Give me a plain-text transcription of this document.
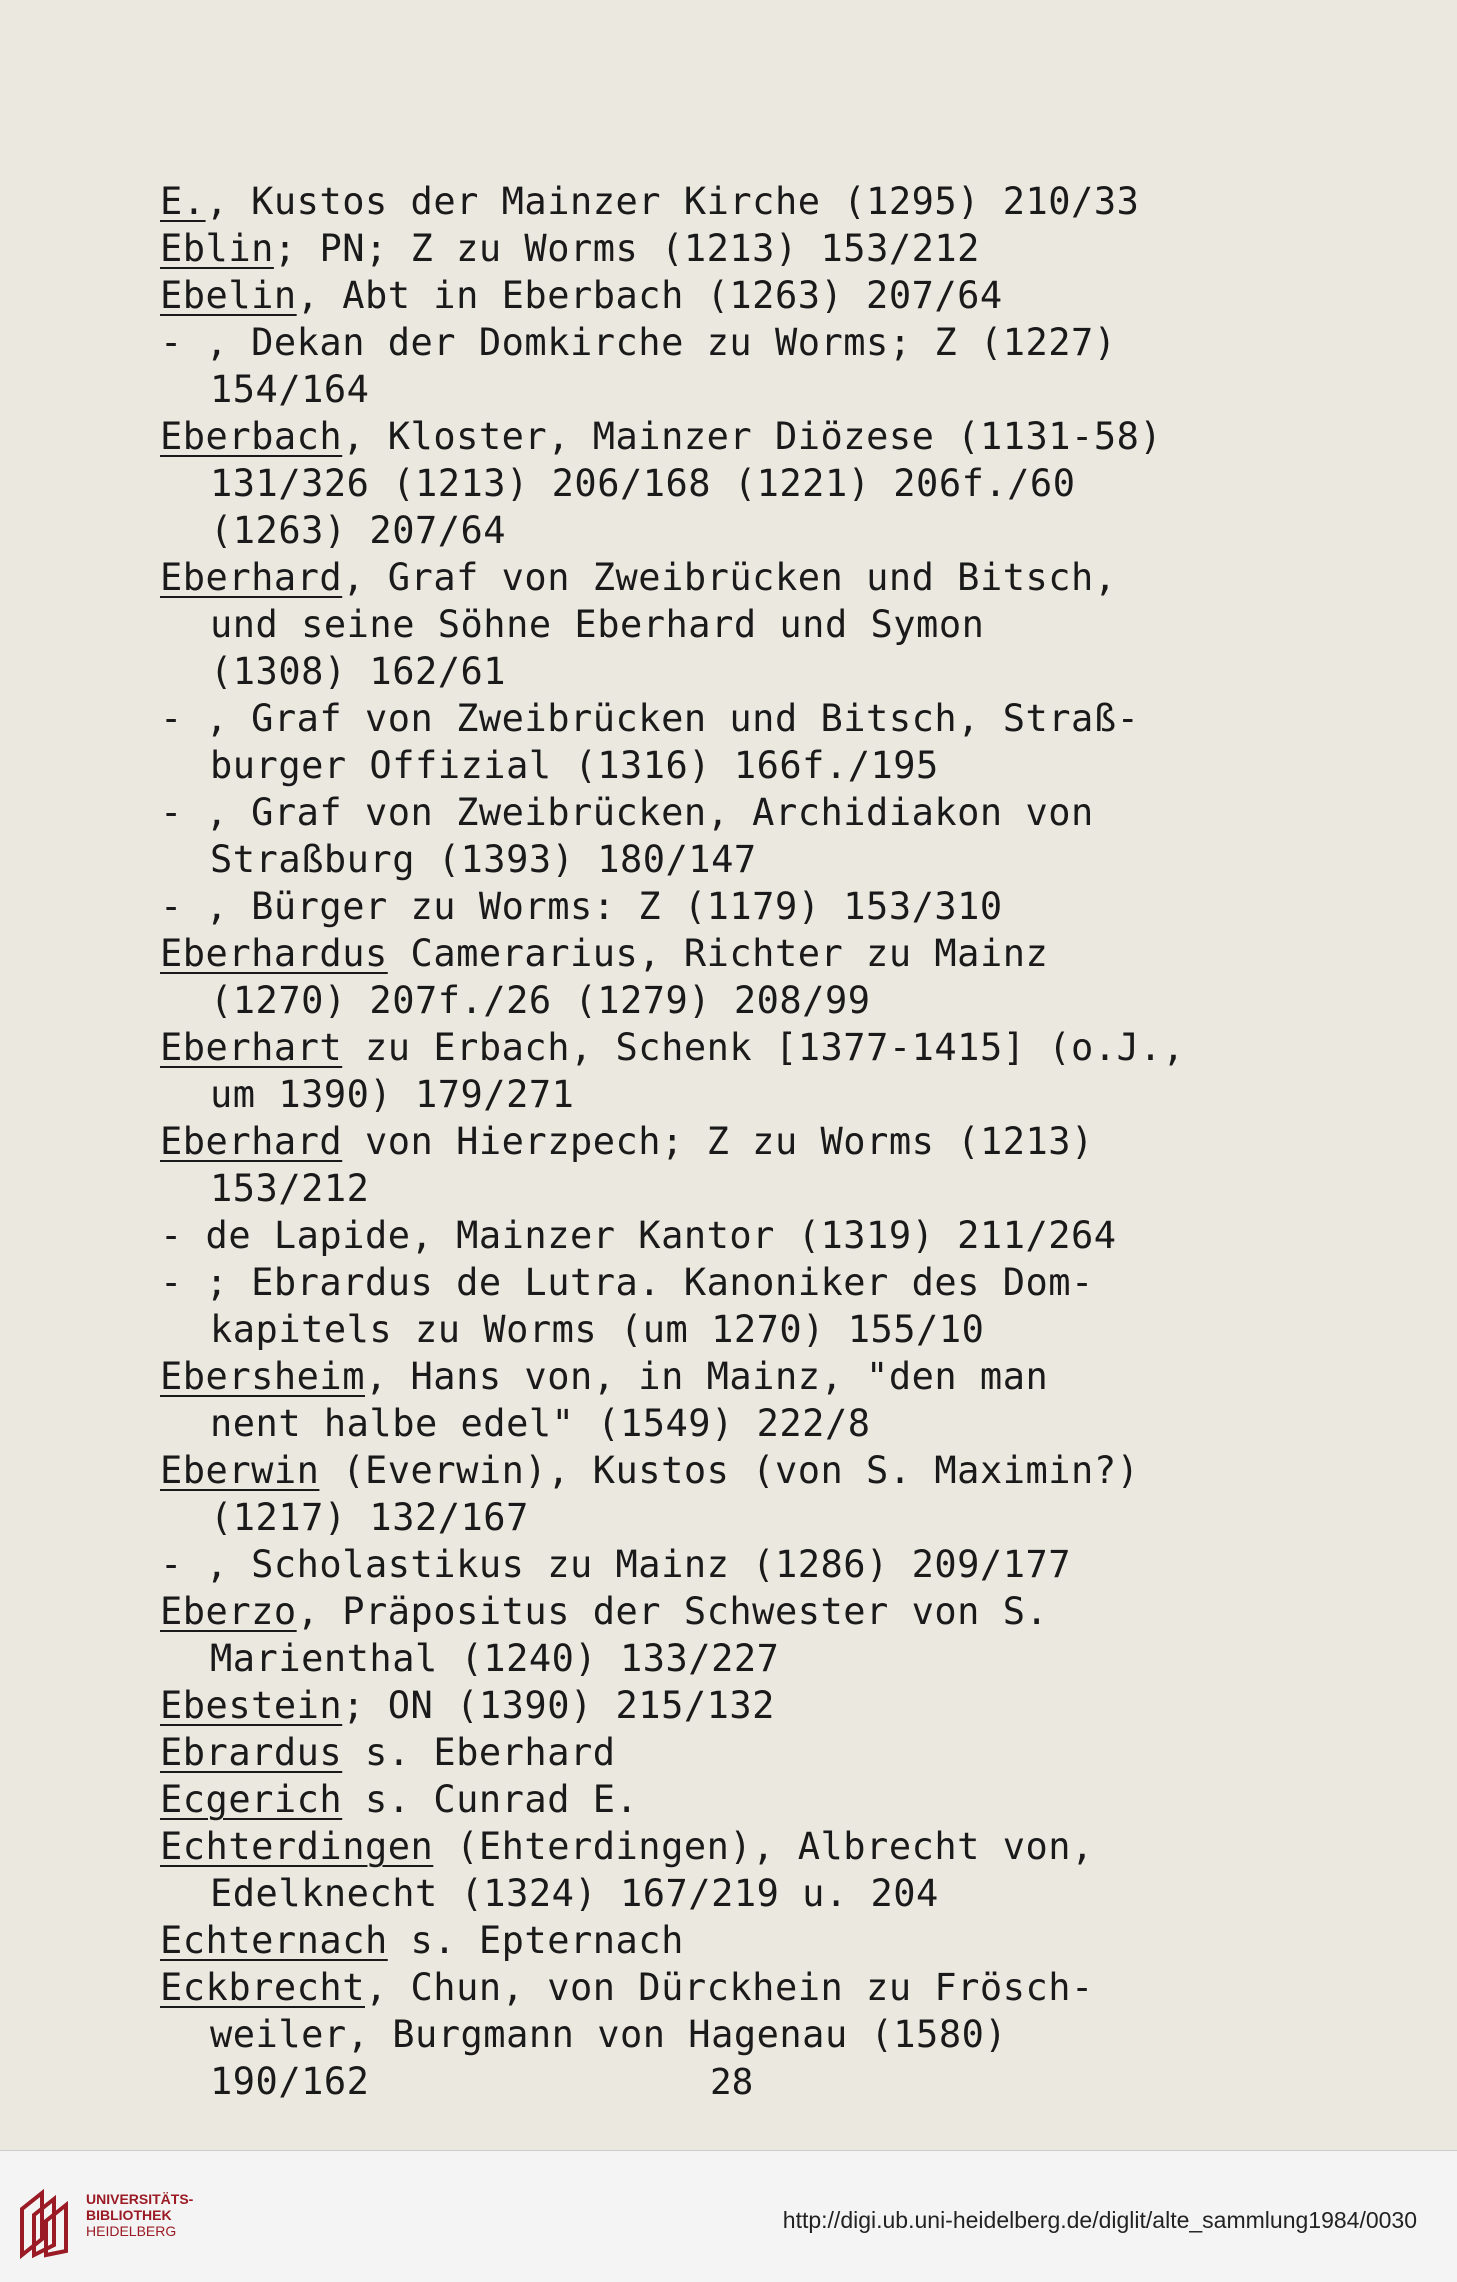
E., Kustos der Mainzer Kirche (1295) 210/33
Eblin; PN; Z zu Worms (1213) 153/212
Ebelin, Abt in Eberbach (1263) 207/64
- , Dekan der Domkirche zu Worms; Z (1227)
154/164
Eberbach, Kloster, Mainzer Diözese (1131-58)
131/326 (1213) 206/168 (1221) 206f./60
(1263) 207/64
Eberhard, Graf von Zweibrücken und Bitsch,
und seine Söhne Eberhard und Symon
(1308) 162/61
- , Graf von Zweibrücken und Bitsch, Straß-
burger Offizial (1316) 166f./195
- , Graf von Zweibrücken, Archidiakon von
Straßburg (1393) 180/147
- , Bürger zu Worms: Z (1179) 153/310
Eberhardus Camerarius, Richter zu Mainz
(1270) 207f./26 (1279) 208/99
Eberhart zu Erbach, Schenk [1377-1415] (o.J.,
um 1390) 179/271
Eberhard von Hierzpech; Z zu Worms (1213)
153/212
- de Lapide, Mainzer Kantor (1319) 211/264
- ; Ebrardus de Lutra. Kanoniker des Dom-
kapitels zu Worms (um 1270) 155/10
Ebersheim, Hans von, in Mainz, "den man
nent halbe edel" (1549) 222/8
Eberwin (Everwin), Kustos (von S. Maximin?)
(1217) 132/167
- , Scholastikus zu Mainz (1286) 209/177
Eberzo, Präpositus der Schwester von S.
Marienthal (1240) 133/227
Ebestein; ON (1390) 215/132
Ebrardus s. Eberhard
Ecgerich s. Cunrad E.
Echterdingen (Ehterdingen), Albrecht von,
Edelknecht (1324) 167/219 u. 204
Echternach s. Epternach
Eckbrecht, Chun, von Dürckhein zu Frösch-
weiler, Burgmann von Hagenau (1580)
190/162	28
UNIVERSITÄTS-
BIBLIOTHEK
HEIDELBERG	http://digi.ub.uni-heidelberg.de/diglit/alte_sammlung1984/0030
